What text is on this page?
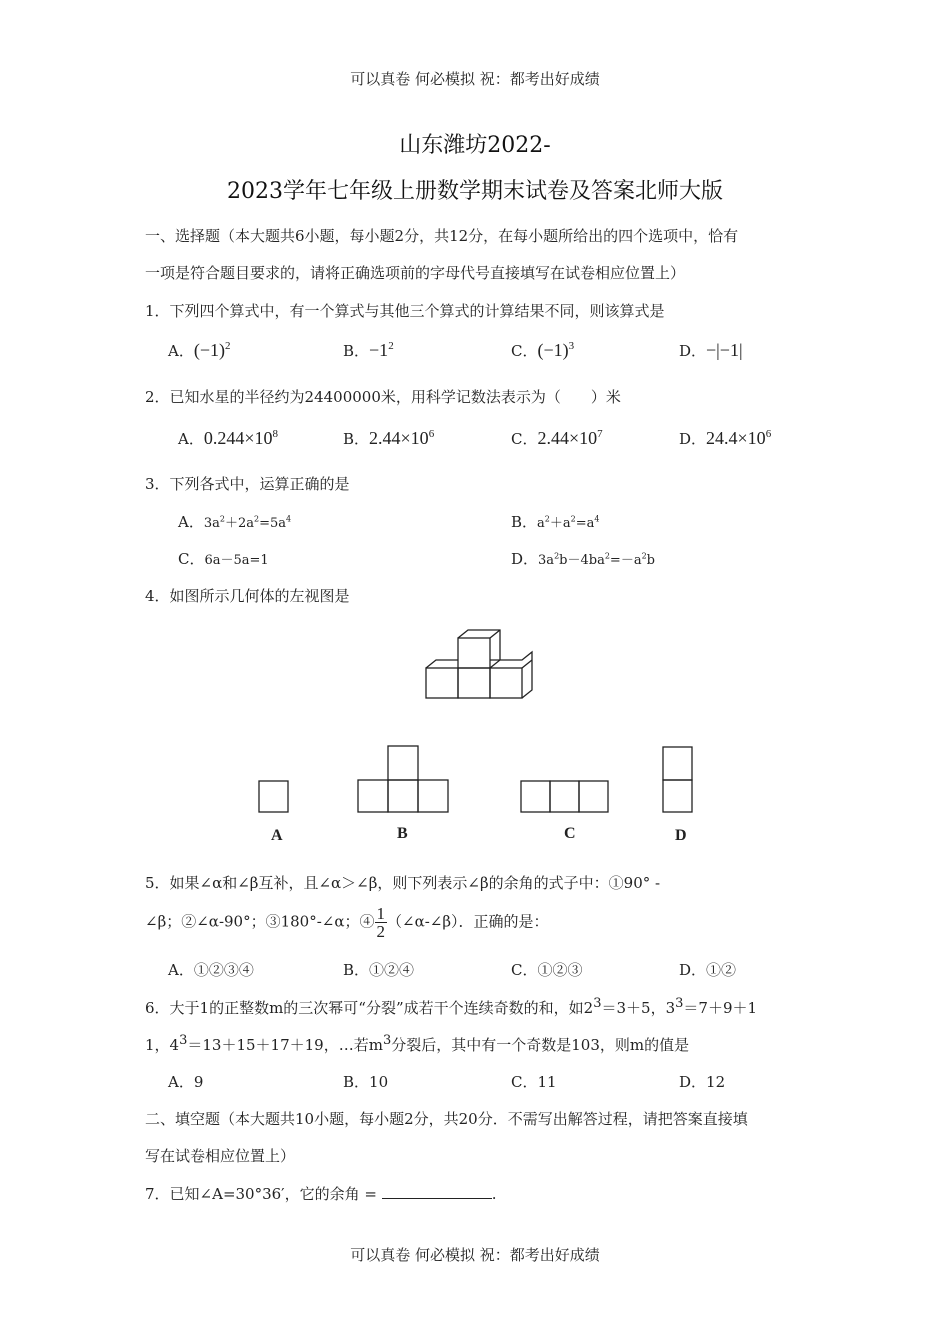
可以真卷 何必模拟 祝：都考出好成绩
山东潍坊2022-
2023学年七年级上册数学期末试卷及答案北师大版
一、选择题（本大题共6小题，每小题2分，共12分，在每小题所给出的四个选项中，恰有
一项是符合题目要求的，请将正确选项前的字母代号直接填写在试卷相应位置上）
1．下列四个算式中，有一个算式与其他三个算式的计算结果不同，则该算式是
A．$(-1)^2$	B．$-1^2$	C．$(-1)^3$	D．−|−1|
2．已知水星的半径约为24400000米，用科学记数法表示为（　　）米
A．$0.244\times 10^8$	B．$2.44\times 10^6$	C．$2.44\times 10^7$	D．$24.4\times 10^6$
3．下列各式中，运算正确的是
A．$3a^2+2a^2=5a^4$	B．$a^2+a^2=a^4$
C．6a－5a=1	D．$3a^2b-4ba^2=-a^2b$
4．如图所示几何体的左视图是
A	B	C	D
5．如果∠α和∠β互补，且∠α＞∠β，则下列表示∠β的余角的式子中：①90° -
∠β；②∠α-90°；③180°-∠α；④ $\frac{1}{2}$ （∠α-∠β）．正确的是：
A．①②③④	B．①②④	C．①②③	D．①②
6．大于1的正整数m的三次幂可“分裂”成若干个连续奇数的和，如$2^3=3+5$，$3^3=7+9+1$
1，$4^3=13+15+17+19$，…若$m^3$分裂后，其中有一个奇数是103，则m的值是
A．9	B．10	C．11	D．12
二、填空题（本大题共10小题，每小题2分，共20分．不需写出解答过程，请把答案直接填
写在试卷相应位置上）
7．已知∠A=30°36′，它的余角 =	.
可以真卷 何必模拟 祝：都考出好成绩
